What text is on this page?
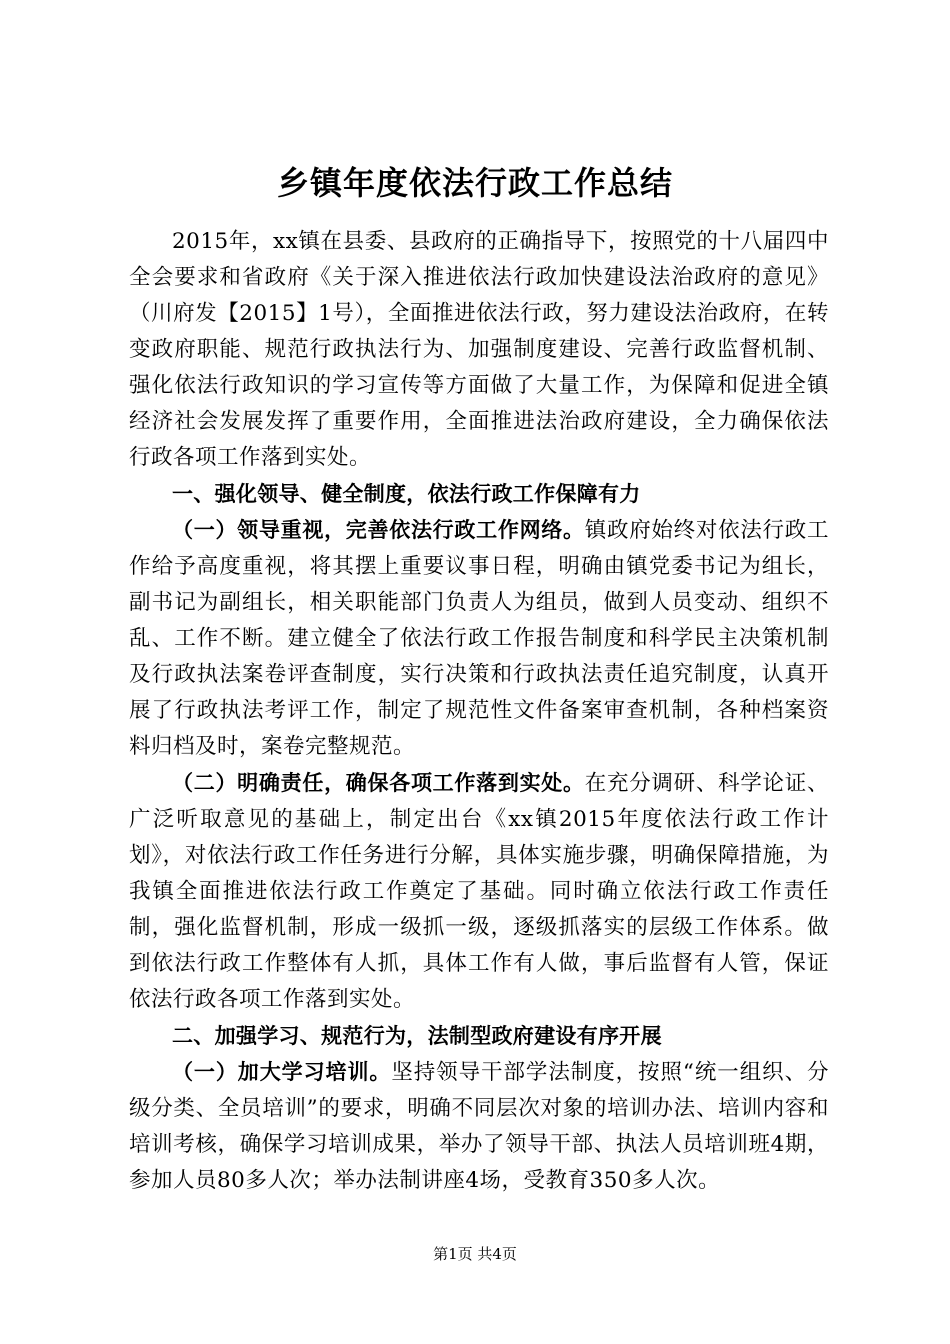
乡镇年度依法行政工作总结

2015年，xx镇在县委、县政府的正确指导下，按照党的十八届四中全会要求和省政府《关于深入推进依法行政加快建设法治政府的意见》（川府发【2015】1号），全面推进依法行政，努力建设法治政府，在转变政府职能、规范行政执法行为、加强制度建设、完善行政监督机制、强化依法行政知识的学习宣传等方面做了大量工作，为保障和促进全镇经济社会发展发挥了重要作用，全面推进法治政府建设，全力确保依法行政各项工作落到实处。

一、强化领导、健全制度，依法行政工作保障有力

（一）领导重视，完善依法行政工作网络。镇政府始终对依法行政工作给予高度重视，将其摆上重要议事日程，明确由镇党委书记为组长，副书记为副组长，相关职能部门负责人为组员，做到人员变动、组织不乱、工作不断。建立健全了依法行政工作报告制度和科学民主决策机制及行政执法案卷评查制度，实行决策和行政执法责任追究制度，认真开展了行政执法考评工作，制定了规范性文件备案审查机制，各种档案资料归档及时，案卷完整规范。

（二）明确责任，确保各项工作落到实处。在充分调研、科学论证、广泛听取意见的基础上，制定出台《xx镇2015年度依法行政工作计划》，对依法行政工作任务进行分解，具体实施步骤，明确保障措施，为我镇全面推进依法行政工作奠定了基础。同时确立依法行政工作责任制，强化监督机制，形成一级抓一级，逐级抓落实的层级工作体系。做到依法行政工作整体有人抓，具体工作有人做，事后监督有人管，保证依法行政各项工作落到实处。

二、加强学习、规范行为，法制型政府建设有序开展

（一）加大学习培训。坚持领导干部学法制度，按照“统一组织、分级分类、全员培训”的要求，明确不同层次对象的培训办法、培训内容和培训考核，确保学习培训成果，举办了领导干部、执法人员培训班4期，参加人员80多人次；举办法制讲座4场，受教育350多人次。

第1页 共4页
